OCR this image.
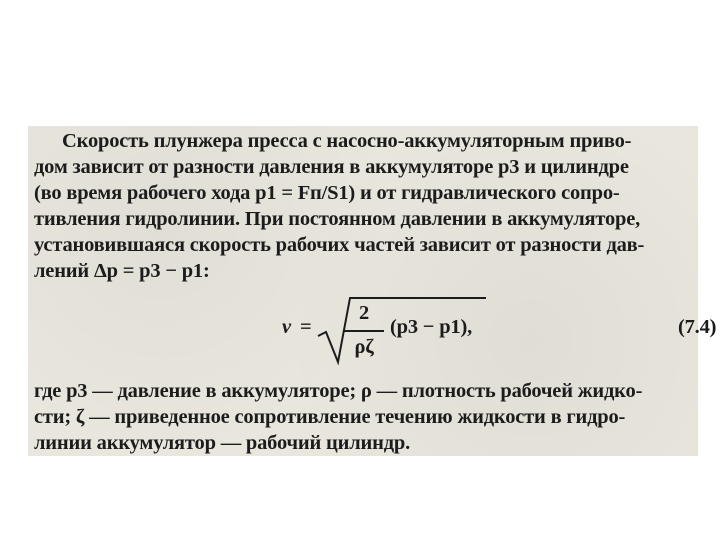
Скорость плунжера пресса с насосно-аккумуляторным приво-
дом зависит от разности давления в аккумуляторе p3 и цилиндре
(во время рабочего хода p1 = Fп/S1) и от гидравлического сопро-
тивления гидролинии. При постоянном давлении в аккумуляторе,
установившаяся скорость рабочих частей зависит от разности дав-
лений Δp = p3 − p1:
v =
2
ρζ
(p3 − p1),	(7.4)
где p3 — давление в аккумуляторе; ρ — плотность рабочей жидко-
сти; ζ — приведенное сопротивление течению жидкости в гидро-
линии аккумулятор — рабочий цилиндр.
